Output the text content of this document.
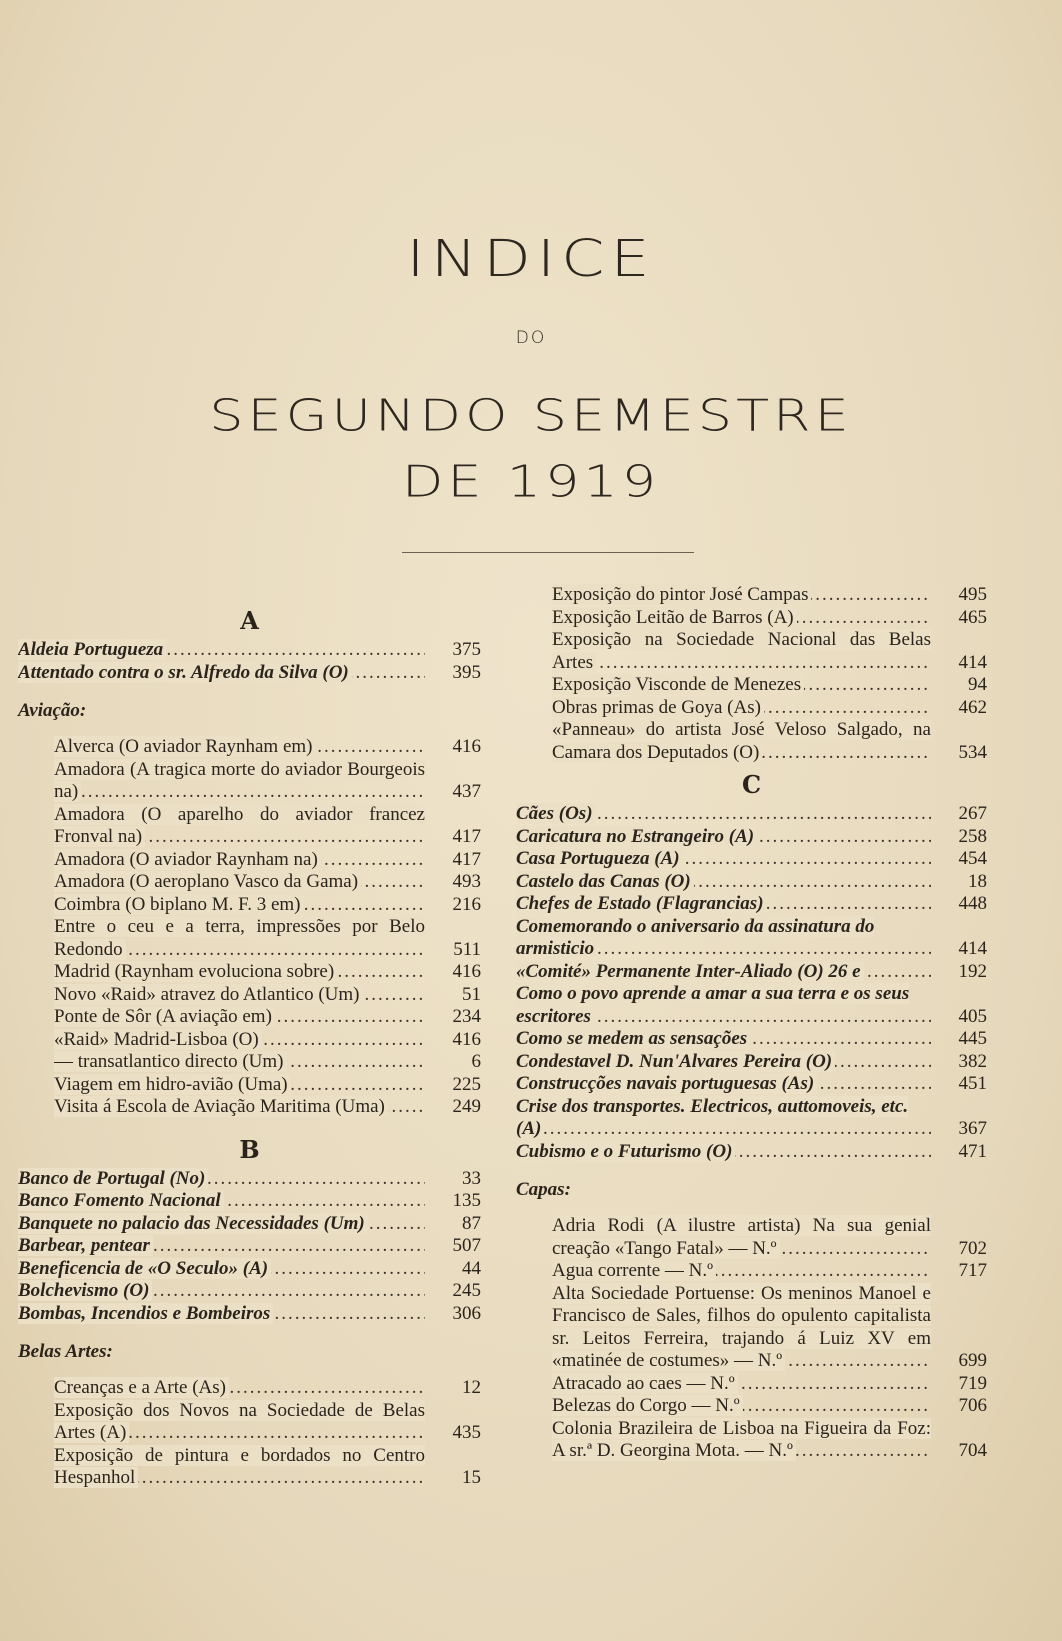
INDICE
DO
SEGUNDO SEMESTRE
DE 1919
A
Aldeia Portugueza .....	375
Attentado contra o sr. Alfredo da Silva (O) .....	395
Aviação:
Alverca (O aviador Raynham em) .....	416
Amadora (A tragica morte do aviador Bourgeois na) .....	437
Amadora (O aparelho do aviador francez Fronval na) .....	417
Amadora (O aviador Raynham na) .....	417
Amadora (O aeroplano Vasco da Gama) .....	493
Coimbra (O biplano M. F. 3 em) .....	216
Entre o ceu e a terra, impressões por Belo Redondo .....	511
Madrid (Raynham evoluciona sobre) .....	416
Novo «Raid» atravez do Atlantico (Um) .....	51
Ponte de Sôr (A aviação em) .....	234
«Raid» Madrid-Lisboa (O) .....	416
— transatlantico directo (Um) .....	6
Viagem em hidro-avião (Uma) .....	225
Visita á Escola de Aviação Maritima (Uma) .....	249
B
Banco de Portugal (No) .....	33
Banco Fomento Nacional .....	135
Banquete no palacio das Necessidades (Um) .....	87
Barbear, pentear .....	507
Beneficencia de «O Seculo» (A) .....	44
Bolchevismo (O) .....	245
Bombas, Incendios e Bombeiros .....	306
Belas Artes:
Creanças e a Arte (As) .....	12
Exposição dos Novos na Sociedade de Belas Artes (A) .....	435
Exposição de pintura e bordados no Centro Hespanhol .....	15
Exposição do pintor José Campas .....	495
Exposição Leitão de Barros (A) .....	465
Exposição na Sociedade Nacional das Belas Artes .....	414
Exposição Visconde de Menezes .....	94
Obras primas de Goya (As) .....	462
«Panneau» do artista José Veloso Salgado, na Camara dos Deputados (O) .....	534
C
Cães (Os) .....	267
Caricatura no Estrangeiro (A) .....	258
Casa Portugueza (A) .....	454
Castelo das Canas (O) .....	18
Chefes de Estado (Flagrancias) .....	448
Comemorando o aniversario da assinatura do armisticio .....	414
«Comité» Permanente Inter-Aliado (O) 26 e .....	192
Como o povo aprende a amar a sua terra e os seus escritores .....	405
Como se medem as sensações .....	445
Condestavel D. Nun'Alvares Pereira (O) .....	382
Construcções navais portuguesas (As) .....	451
Crise dos transportes. Electricos, auttomoveis, etc. (A) .....	367
Cubismo e o Futurismo (O) .....	471
Capas:
Adria Rodi (A ilustre artista) Na sua genial creação «Tango Fatal» — N.º .....	702
Agua corrente — N.º .....	717
Alta Sociedade Portuense: Os meninos Manoel e Francisco de Sales, filhos do opulento capitalista sr. Leitos Ferreira, trajando á Luiz XV em «matinée de costumes» — N.º .....	699
Atracado ao caes — N.º .....	719
Belezas do Corgo — N.º .....	706
Colonia Brazileira de Lisboa na Figueira da Foz: A sr.ª D. Georgina Mota. — N.º .....	704
